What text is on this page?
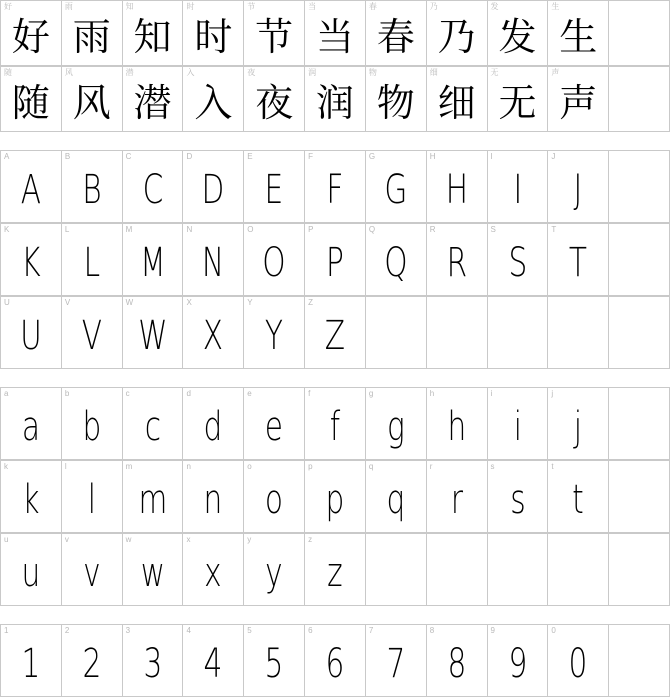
好
好
雨
雨
知
知
时
时
节
节
当
当
春
春
乃
乃
发
发
生
生
随
随
风
风
潜
潜
入
入
夜
夜
润
润
物
物
细
细
无
无
声
声
A
A
B
B
C
C
D
D
E
E
F
F
G
G
H
H
I
I
J
J
K
K
L
L
M
M
N
N
O
O
P
P
Q
Q
R
R
S
S
T
T
U
U
V
V
W
W
X
X
Y
Y
Z
Z
a
a
b
b
c
c
d
d
e
e
f
f
g
g
h
h
i
i
j
j
k
k
l
l
m
m
n
n
o
o
p
p
q
q
r
r
s
s
t
t
u
u
v
v
w
w
x
x
y
y
z
z
1
1
2
2
3
3
4
4
5
5
6
6
7
7
8
8
9
9
0
0
